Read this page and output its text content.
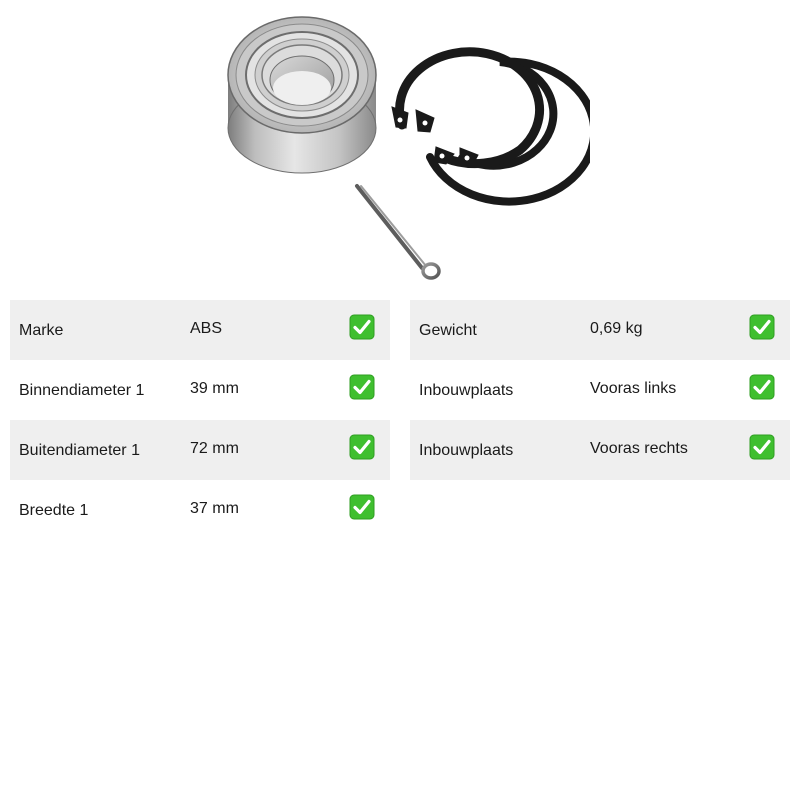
Marke	ABS
Binnendiameter 1	39 mm
Buitendiameter 1	72 mm
Breedte 1	37 mm
Gewicht	0,69 kg
Inbouwplaats	Vooras links
Inbouwplaats	Vooras rechts
